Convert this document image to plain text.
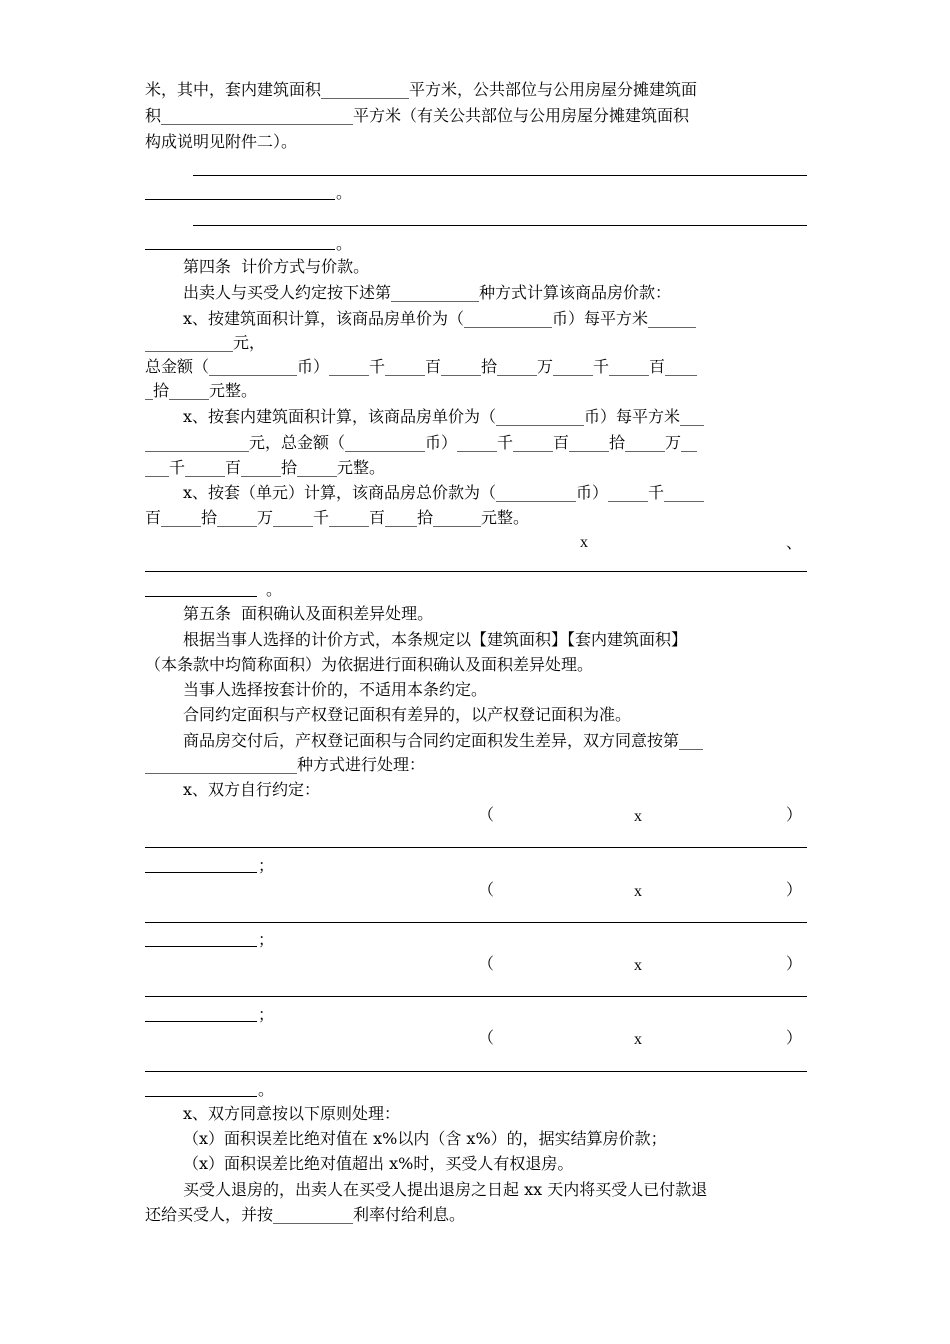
米，其中，套内建筑面积___________平方米，公共部位与公用房屋分摊建筑面
积________________________平方米（有关公共部位与公用房屋分摊建筑面积
构成说明见附件二）。
。
。
第四条  计价方式与价款。
出卖人与买受人约定按下述第___________种方式计算该商品房价款：
x、按建筑面积计算，该商品房单价为（___________币）每平方米______
___________元，
总金额（___________币）_____千_____百_____拾_____万_____千_____百____
_拾_____元整。
x、按套内建筑面积计算，该商品房单价为（___________币）每平方米___
_____________元，总金额（__________币）_____千_____百_____拾_____万__
___千_____百_____拾_____元整。
x、按套（单元）计算，该商品房总价款为（__________币）_____千_____
百_____拾_____万_____千_____百____拾______元整。
x	、
。
第五条  面积确认及面积差异处理。
根据当事人选择的计价方式，本条规定以【建筑面积】【套内建筑面积】
（本条款中均简称面积）为依据进行面积确认及面积差异处理。
当事人选择按套计价的，不适用本条约定。
合同约定面积与产权登记面积有差异的，以产权登记面积为准。
商品房交付后，产权登记面积与合同约定面积发生差异，双方同意按第___
___________________种方式进行处理：
x、双方自行约定：
（	x	）
；
（	x	）
；
（	x	）
；
（	x	）
。
x、双方同意按以下原则处理：
（x）面积误差比绝对值在 x%以内（含 x%）的，据实结算房价款；
（x）面积误差比绝对值超出 x%时，买受人有权退房。
买受人退房的，出卖人在买受人提出退房之日起 xx 天内将买受人已付款退
还给买受人，并按__________利率付给利息。
